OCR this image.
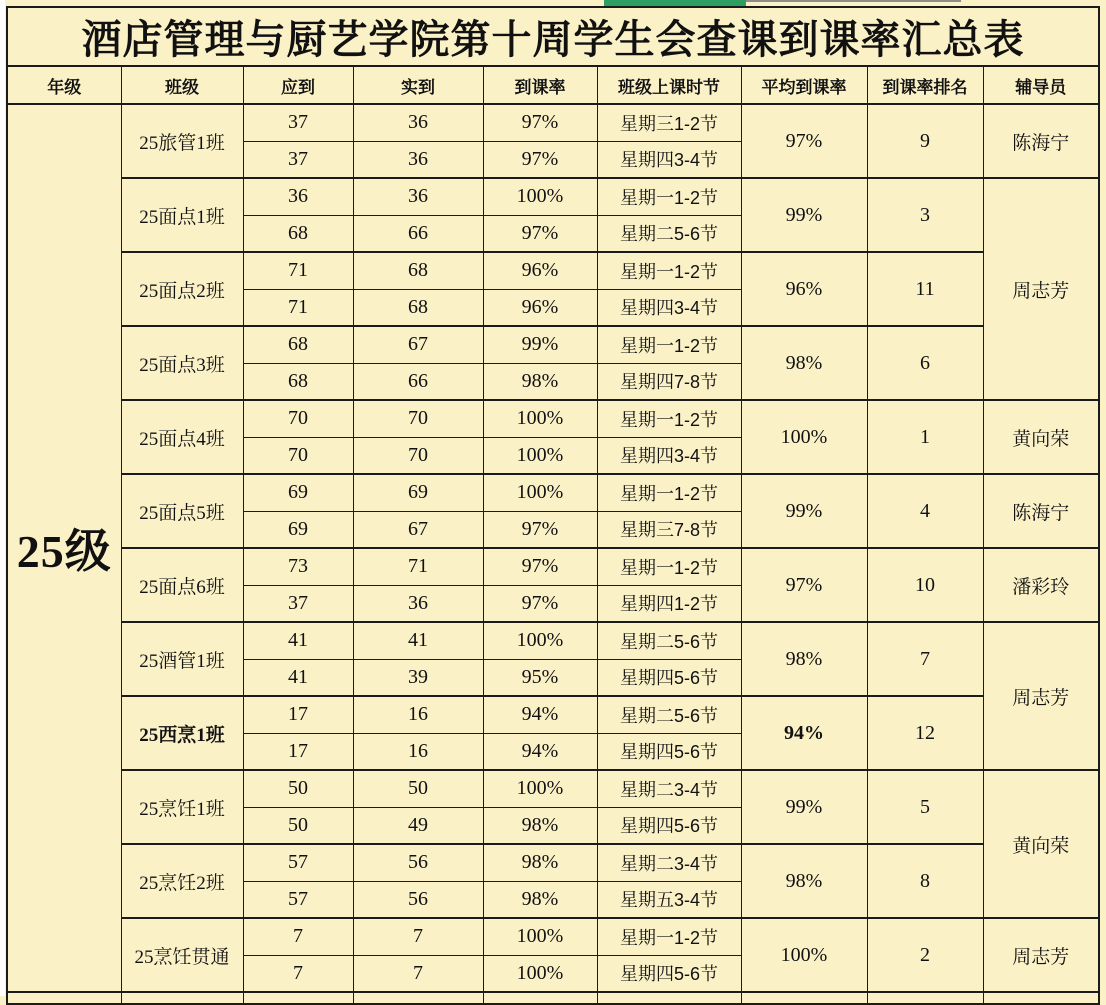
酒店管理与厨艺学院第十周学生会查课到课率汇总表								
年级	班级	应到	实到	到课率	班级上课时节	平均到课率	到课率排名	辅导员
25级	25旅管1班	37	36	97%	星期三1-2节	97%	9	陈海宁
		37	36	97%	星期四3-4节			
	25面点1班	36	36	100%	星期一1-2节	99%	3	周志芳
		68	66	97%	星期二5-6节			
	25面点2班	71	68	96%	星期一1-2节	96%	11	
		71	68	96%	星期四3-4节			
	25面点3班	68	67	99%	星期一1-2节	98%	6	
		68	66	98%	星期四7-8节			
	25面点4班	70	70	100%	星期一1-2节	100%	1	黄向荣
		70	70	100%	星期四3-4节			
	25面点5班	69	69	100%	星期一1-2节	99%	4	陈海宁
		69	67	97%	星期三7-8节			
	25面点6班	73	71	97%	星期一1-2节	97%	10	潘彩玲
		37	36	97%	星期四1-2节			
	25酒管1班	41	41	100%	星期二5-6节	98%	7	周志芳
		41	39	95%	星期四5-6节			
	25西烹1班	17	16	94%	星期二5-6节	94%	12	
		17	16	94%	星期四5-6节			
	25烹饪1班	50	50	100%	星期二3-4节	99%	5	黄向荣
		50	49	98%	星期四5-6节			
	25烹饪2班	57	56	98%	星期二3-4节	98%	8	
		57	56	98%	星期五3-4节			
	25烹饪贯通	7	7	100%	星期一1-2节	100%	2	周志芳
		7	7	100%	星期四5-6节			
